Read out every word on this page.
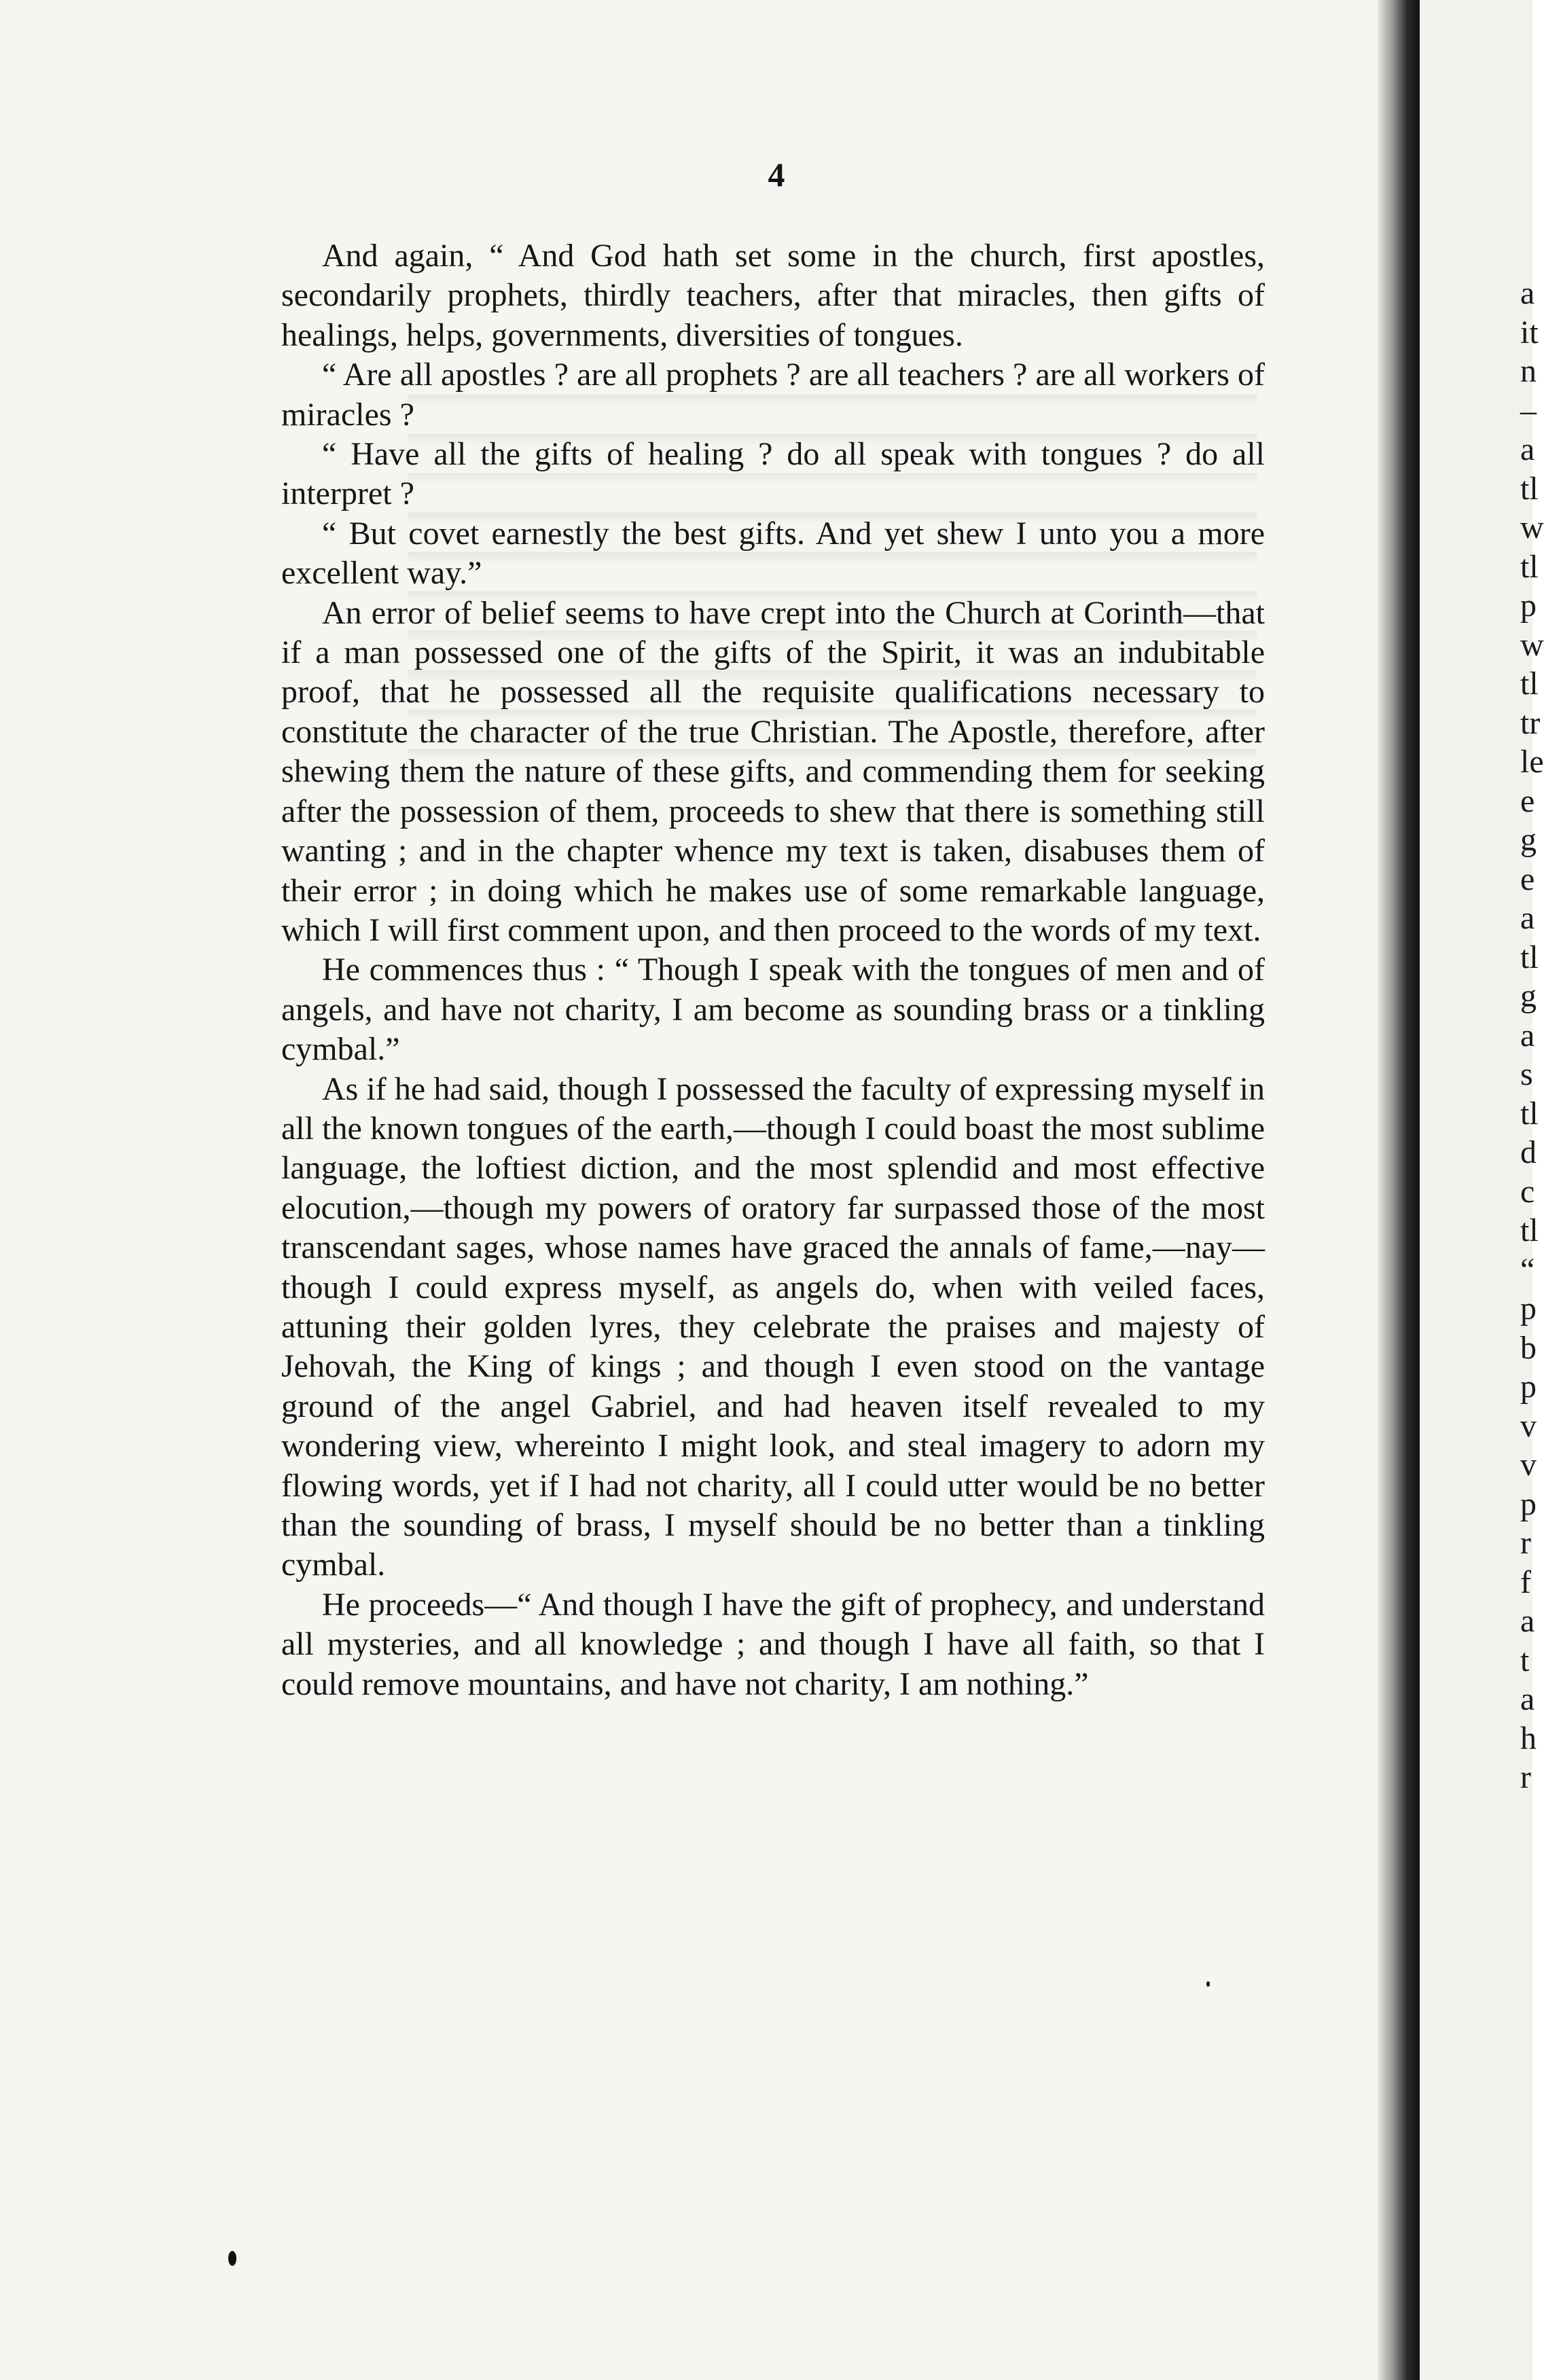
a
it
n
–
a
tl
w
tl
p
w
tl
tr
le
e
g
e
a
tl
g
a
s
tl
d
c
tl
“
p
b
p
v
v
p
r
f
a
t
a
h
r
4

And again, “ And God hath set some in the church, first apostles, secondarily prophets, thirdly teachers, after that miracles, then gifts of healings, helps, governments, diversities of tongues.

“ Are all apostles ? are all prophets ? are all teachers ? are all workers of miracles ?

“ Have all the gifts of healing ? do all speak with tongues ? do all interpret ?

“ But covet earnestly the best gifts. And yet shew I unto you a more excellent way.”

An error of belief seems to have crept into the Church at Corinth—that if a man possessed one of the gifts of the Spirit, it was an indubitable proof, that he possessed all the requisite qualifications necessary to constitute the character of the true Christian. The Apostle, therefore, after shewing them the nature of these gifts, and commending them for seeking after the possession of them, proceeds to shew that there is something still wanting ; and in the chapter whence my text is taken, disabuses them of their error ; in doing which he makes use of some remarkable language, which I will first comment upon, and then proceed to the words of my text.

He commences thus : “ Though I speak with the tongues of men and of angels, and have not charity, I am become as sounding brass or a tinkling cymbal.”

As if he had said, though I possessed the faculty of expressing myself in all the known tongues of the earth,—though I could boast the most sublime language, the loftiest diction, and the most splendid and most effective elocution,—though my powers of oratory far surpassed those of the most transcendant sages, whose names have graced the annals of fame,—nay—though I could express myself, as angels do, when with veiled faces, attuning their golden lyres, they celebrate the praises and majesty of Jehovah, the King of kings ; and though I even stood on the vantage ground of the angel Gabriel, and had heaven itself revealed to my wondering view, whereinto I might look, and steal imagery to adorn my flowing words, yet if I had not charity, all I could utter would be no better than the sounding of brass, I myself should be no better than a tinkling cymbal.

He proceeds—“ And though I have the gift of prophecy, and understand all mysteries, and all knowledge ; and though I have all faith, so that I could remove mountains, and have not charity, I am nothing.”
